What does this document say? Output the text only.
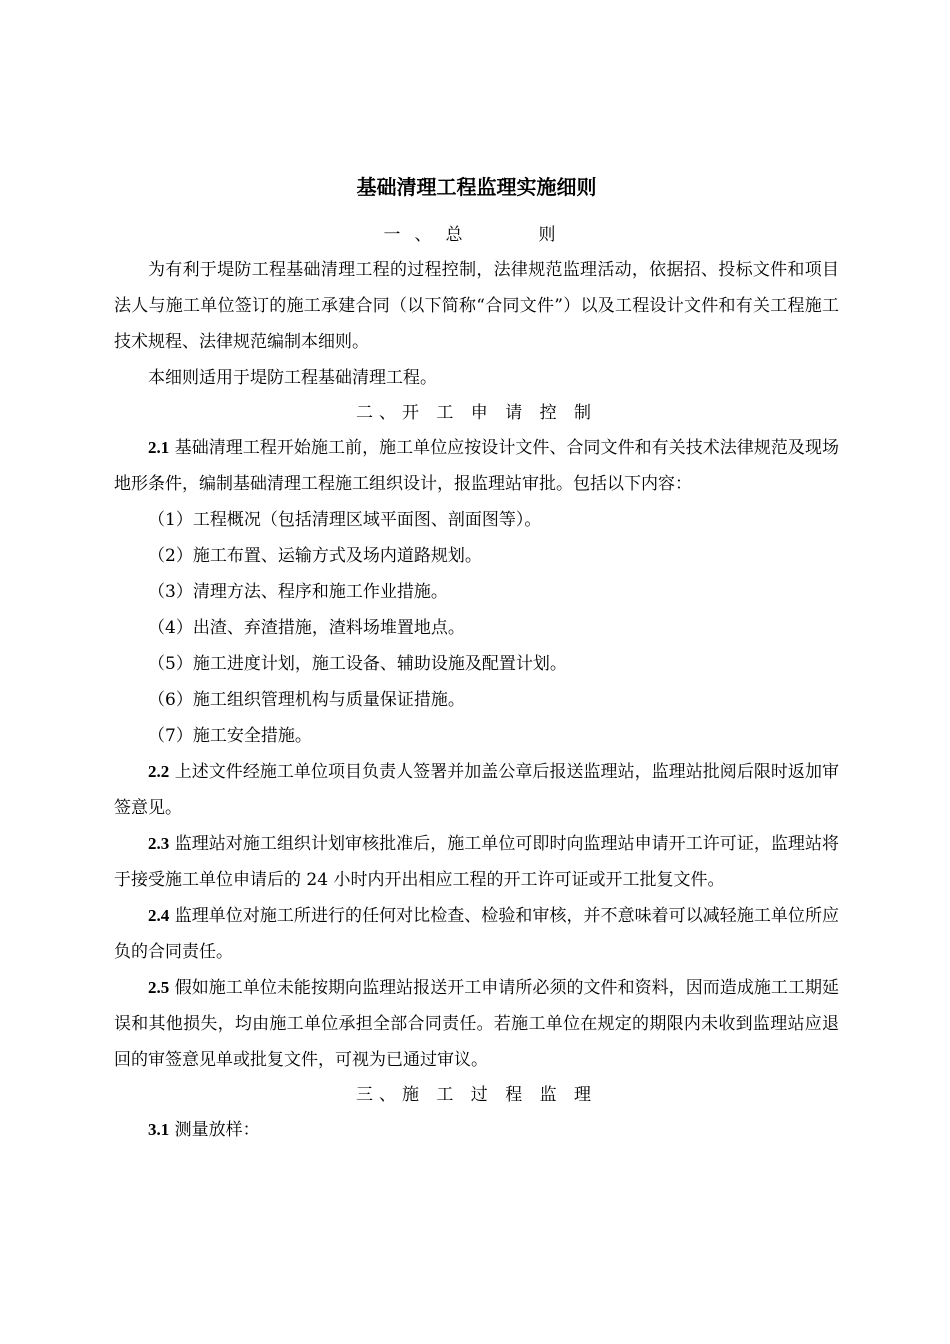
基础清理工程监理实施细则
一、总　　则

为有利于堤防工程基础清理工程的过程控制，法律规范监理活动，依据招、投标文件和项目法人与施工单位签订的施工承建合同（以下简称“合同文件”）以及工程设计文件和有关工程施工技术规程、法律规范编制本细则。

本细则适用于堤防工程基础清理工程。

二、开 工 申 请 控 制

2.1 基础清理工程开始施工前，施工单位应按设计文件、合同文件和有关技术法律规范及现场地形条件，编制基础清理工程施工组织设计，报监理站审批。包括以下内容：

（1）工程概况（包括清理区域平面图、剖面图等）。

（2）施工布置、运输方式及场内道路规划。

（3）清理方法、程序和施工作业措施。

（4）出渣、弃渣措施，渣料场堆置地点。

（5）施工进度计划，施工设备、辅助设施及配置计划。

（6）施工组织管理机构与质量保证措施。

（7）施工安全措施。

2.2 上述文件经施工单位项目负责人签署并加盖公章后报送监理站，监理站批阅后限时返加审签意见。

2.3 监理站对施工组织计划审核批准后，施工单位可即时向监理站申请开工许可证，监理站将于接受施工单位申请后的 24 小时内开出相应工程的开工许可证或开工批复文件。

2.4 监理单位对施工所进行的任何对比检查、检验和审核，并不意味着可以减轻施工单位所应负的合同责任。

2.5 假如施工单位未能按期向监理站报送开工申请所必须的文件和资料，因而造成施工工期延误和其他损失，均由施工单位承担全部合同责任。若施工单位在规定的期限内未收到监理站应退回的审签意见单或批复文件，可视为已通过审议。

三、施 工 过 程 监 理

3.1 测量放样：
